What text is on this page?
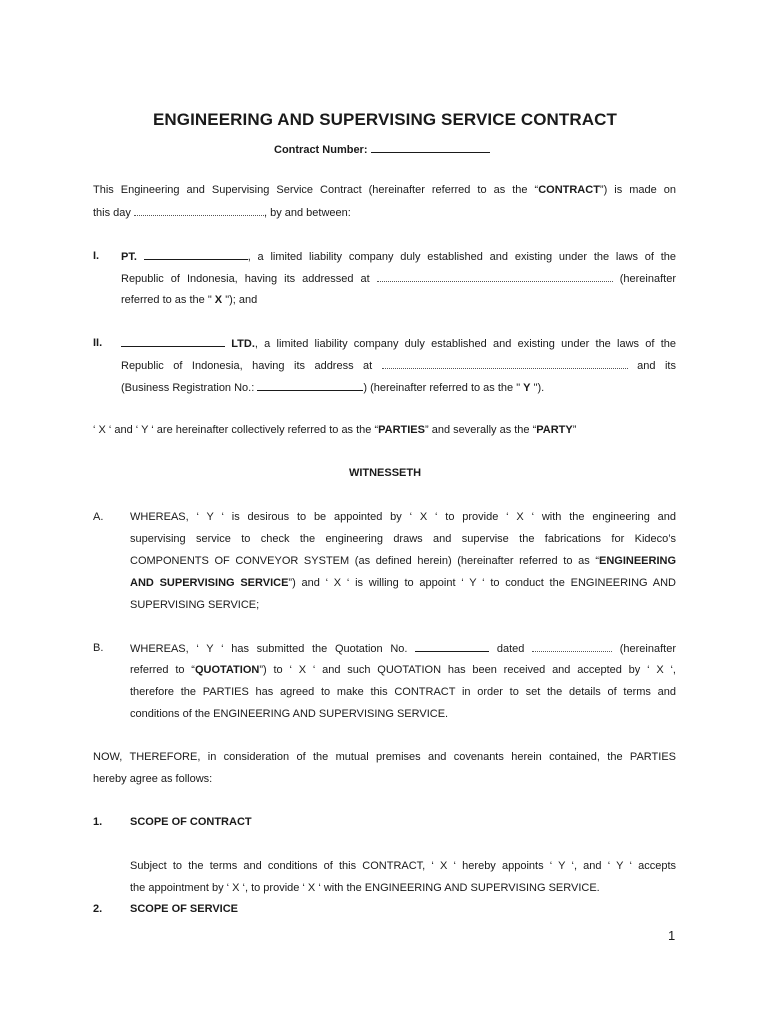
ENGINEERING AND SUPERVISING SERVICE CONTRACT
Contract Number:
This Engineering and Supervising Service Contract (hereinafter referred to as the “CONTRACT”) is made on
this day	, by and between:
I. PT.	, a limited liability company duly established and existing under the laws of the
Republic of Indonesia, having its addressed at	(hereinafter
referred to as the " X "); and
II.	LTD., a limited liability company duly established and existing under the laws of the
Republic of Indonesia, having its address at	and its
(Business Registration No.:	) (hereinafter referred to as the " Y ").
‘ X ‘ and ‘ Y ‘ are hereinafter collectively referred to as the “PARTIES” and severally as the “PARTY”
WITNESSETH
A. WHEREAS, ‘ Y ‘ is desirous to be appointed by ‘ X ‘ to provide ‘ X ‘ with the engineering and
supervising service to check the engineering draws and supervise the fabrications for Kideco’s
COMPONENTS OF CONVEYOR SYSTEM (as defined herein) (hereinafter referred to as “ENGINEERING
AND SUPERVISING SERVICE”) and ‘ X ‘ is willing to appoint ‘ Y ‘ to conduct the ENGINEERING AND
SUPERVISING SERVICE;
B. WHEREAS, ‘ Y ‘ has submitted the Quotation No.	dated	(hereinafter
referred to “QUOTATION”) to ‘ X ‘ and such QUOTATION has been received and accepted by ‘ X ‘,
therefore the PARTIES has agreed to make this CONTRACT in order to set the details of terms and
conditions of the ENGINEERING AND SUPERVISING SERVICE.
NOW, THEREFORE, in consideration of the mutual premises and covenants herein contained, the PARTIES
hereby agree as follows:
1.	SCOPE OF CONTRACT
Subject to the terms and conditions of this CONTRACT, ‘ X ‘ hereby appoints ‘ Y ‘, and ‘ Y ‘ accepts
the appointment by ‘ X ‘, to provide ‘ X ‘ with the ENGINEERING AND SUPERVISING SERVICE.
2.	SCOPE OF SERVICE
1
